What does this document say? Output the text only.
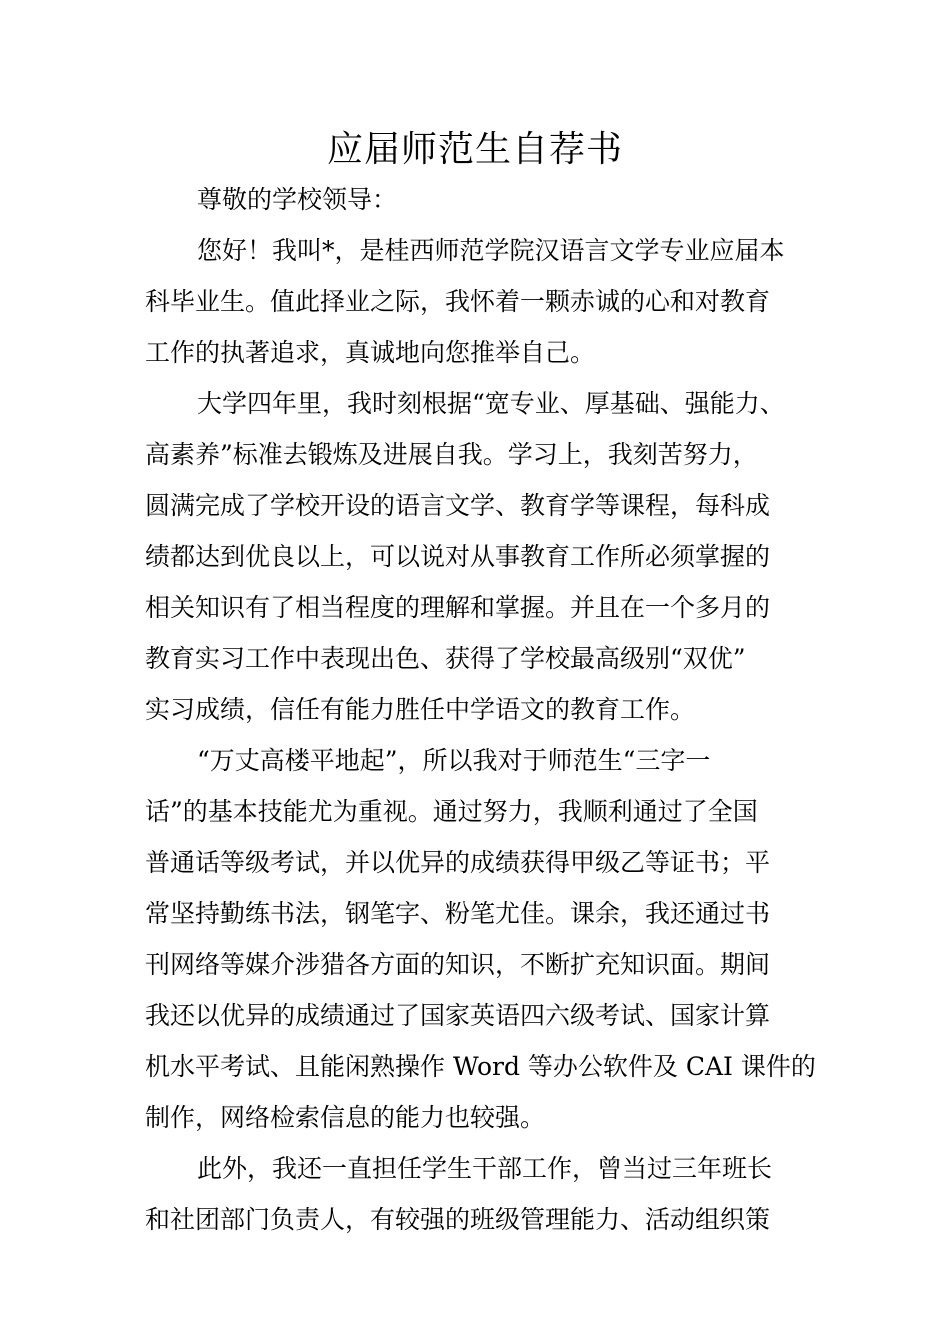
应届师范生自荐书
尊敬的学校领导：
您好！我叫*，是桂西师范学院汉语言文学专业应届本
科毕业生。值此择业之际，我怀着一颗赤诚的心和对教育
工作的执著追求，真诚地向您推举自己。
大学四年里，我时刻根据“宽专业、厚基础、强能力、
高素养”标准去锻炼及进展自我。学习上，我刻苦努力，
圆满完成了学校开设的语言文学、教育学等课程，每科成
绩都达到优良以上，可以说对从事教育工作所必须掌握的
相关知识有了相当程度的理解和掌握。并且在一个多月的
教育实习工作中表现出色、获得了学校最高级别“双优”
实习成绩，信任有能力胜任中学语文的教育工作。
“万丈高楼平地起”，所以我对于师范生“三字一
话”的基本技能尤为重视。通过努力，我顺利通过了全国
普通话等级考试，并以优异的成绩获得甲级乙等证书；平
常坚持勤练书法，钢笔字、粉笔尤佳。课余，我还通过书
刊网络等媒介涉猎各方面的知识，不断扩充知识面。期间
我还以优异的成绩通过了国家英语四六级考试、国家计算
机水平考试、且能闲熟操作 Word 等办公软件及 CAI 课件的
制作，网络检索信息的能力也较强。
此外，我还一直担任学生干部工作，曾当过三年班长
和社团部门负责人，有较强的班级管理能力、活动组织策
